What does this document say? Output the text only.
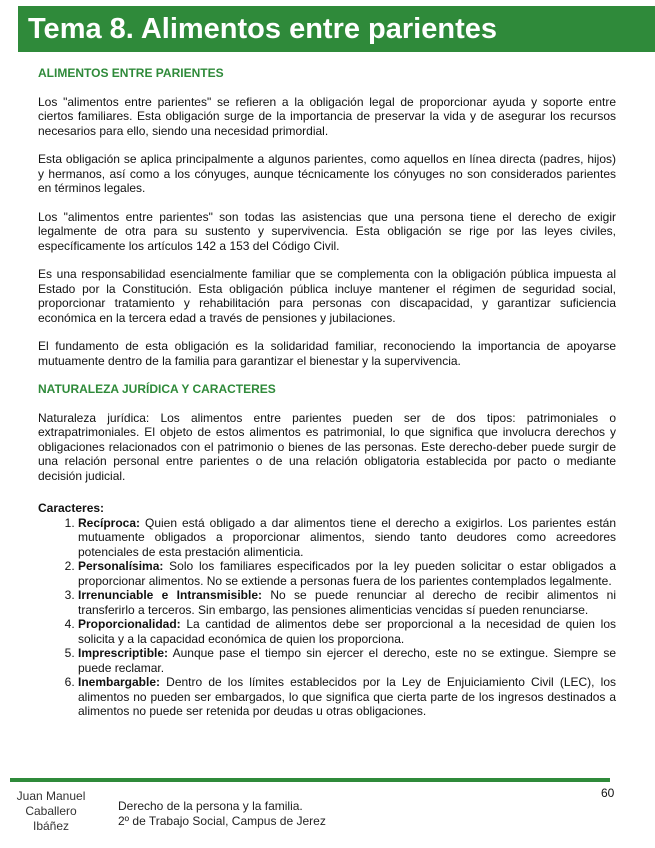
Tema 8. Alimentos entre parientes
ALIMENTOS ENTRE PARIENTES

Los "alimentos entre parientes" se refieren a la obligación legal de proporcionar ayuda y soporte entre ciertos familiares. Esta obligación surge de la importancia de preservar la vida y de asegurar los recursos necesarios para ello, siendo una necesidad primordial.

Esta obligación se aplica principalmente a algunos parientes, como aquellos en línea directa (padres, hijos) y hermanos, así como a los cónyuges, aunque técnicamente los cónyuges no son considerados parientes en términos legales.

Los "alimentos entre parientes" son todas las asistencias que una persona tiene el derecho de exigir legalmente de otra para su sustento y supervivencia. Esta obligación se rige por las leyes civiles, específicamente los artículos 142 a 153 del Código Civil.

Es una responsabilidad esencialmente familiar que se complementa con la obligación pública impuesta al Estado por la Constitución. Esta obligación pública incluye mantener el régimen de seguridad social, proporcionar tratamiento y rehabilitación para personas con discapacidad, y garantizar suficiencia económica en la tercera edad a través de pensiones y jubilaciones.

El fundamento de esta obligación es la solidaridad familiar, reconociendo la importancia de apoyarse mutuamente dentro de la familia para garantizar el bienestar y la supervivencia.

NATURALEZA JURÍDICA Y CARACTERES

Naturaleza jurídica: Los alimentos entre parientes pueden ser de dos tipos: patrimoniales o extrapatrimoniales. El objeto de estos alimentos es patrimonial, lo que significa que involucra derechos y obligaciones relacionados con el patrimonio o bienes de las personas. Este derecho-deber puede surgir de una relación personal entre parientes o de una relación obligatoria establecida por pacto o mediante decisión judicial.

Caracteres:
1. Recíproca: Quien está obligado a dar alimentos tiene el derecho a exigirlos. Los parientes están mutuamente obligados a proporcionar alimentos, siendo tanto deudores como acreedores potenciales de esta prestación alimenticia.
2. Personalísima: Solo los familiares especificados por la ley pueden solicitar o estar obligados a proporcionar alimentos. No se extiende a personas fuera de los parientes contemplados legalmente.
3. Irrenunciable e Intransmisible: No se puede renunciar al derecho de recibir alimentos ni transferirlo a terceros. Sin embargo, las pensiones alimenticias vencidas sí pueden renunciarse.
4. Proporcionalidad: La cantidad de alimentos debe ser proporcional a la necesidad de quien los solicita y a la capacidad económica de quien los proporciona.
5. Imprescriptible: Aunque pase el tiempo sin ejercer el derecho, este no se extingue. Siempre se puede reclamar.
6. Inembargable: Dentro de los límites establecidos por la Ley de Enjuiciamiento Civil (LEC), los alimentos no pueden ser embargados, lo que significa que cierta parte de los ingresos destinados a alimentos no puede ser retenida por deudas u otras obligaciones.
60
Juan Manuel
Caballero
Ibáñez
Derecho de la persona y la familia.
2º de Trabajo Social, Campus de Jerez
